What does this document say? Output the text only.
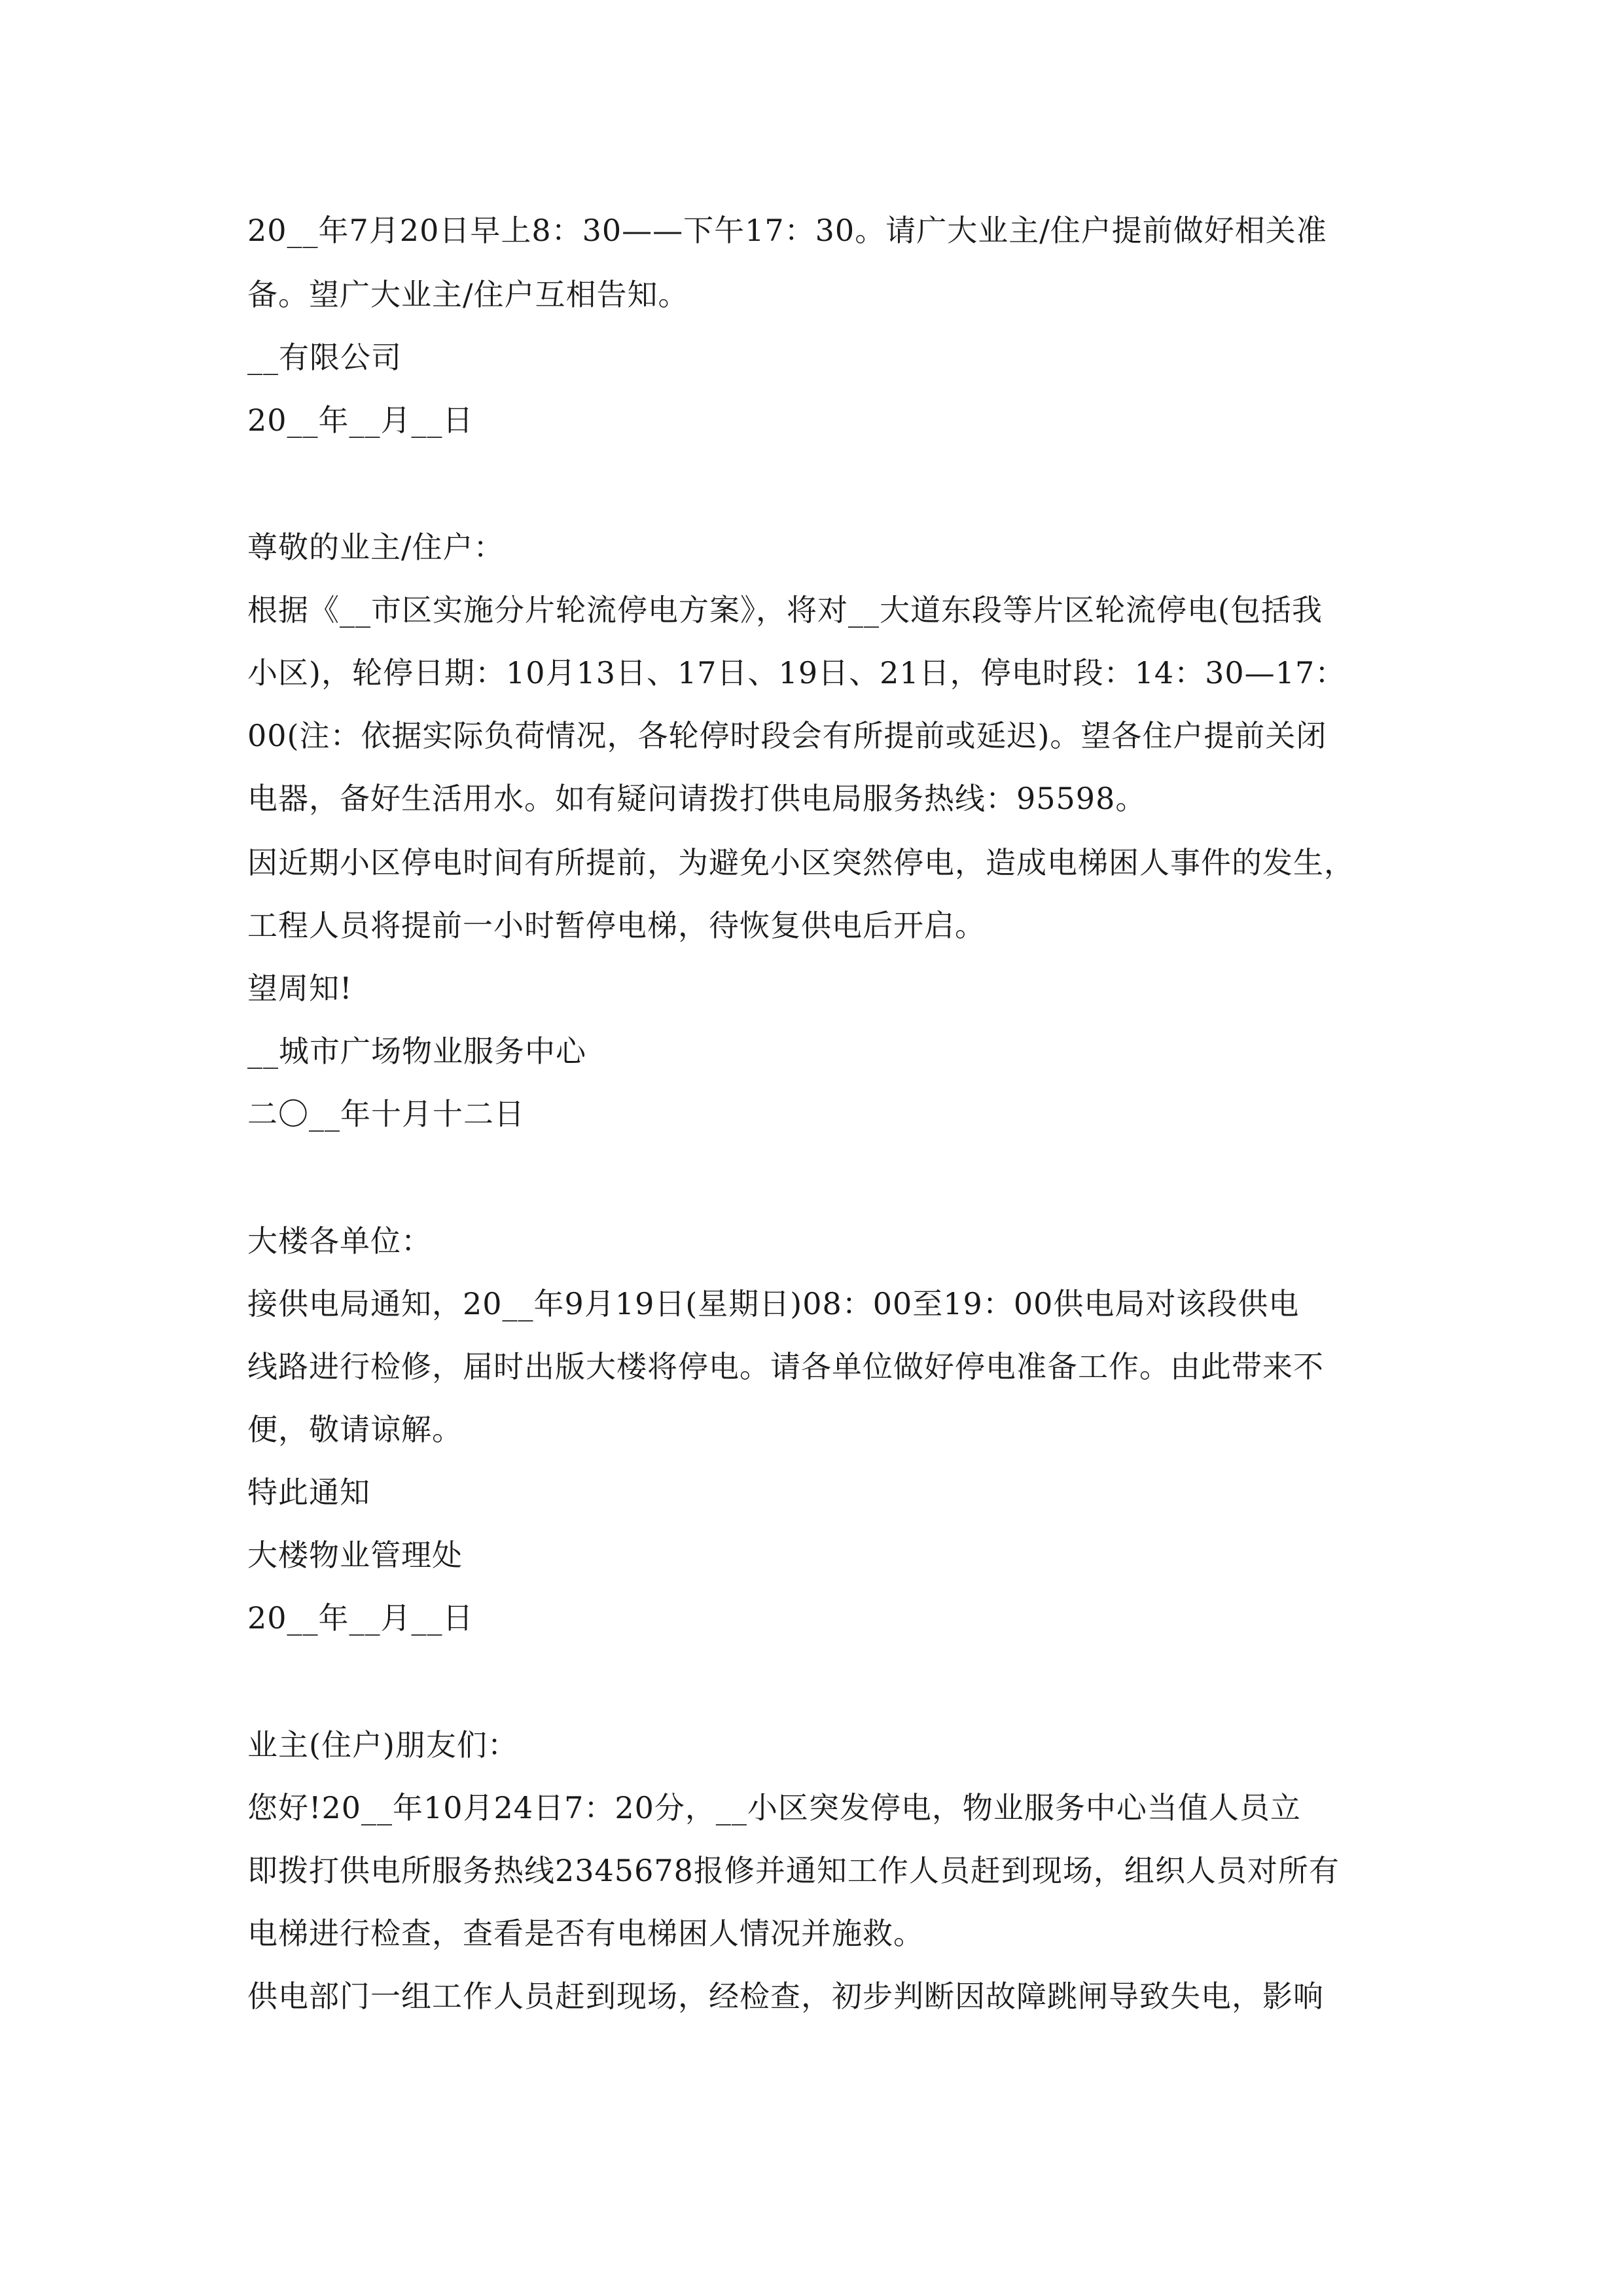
20__年7月20日早上8：30——下午17：30。请广大业主/住户提前做好相关准
备。望广大业主/住户互相告知。
__有限公司
20__年__月__日
尊敬的业主/住户：
根据《__市区实施分片轮流停电方案》，将对__大道东段等片区轮流停电(包括我
小区)，轮停日期：10月13日、17日、19日、21日，停电时段：14：30—17：
00(注：依据实际负荷情况，各轮停时段会有所提前或延迟)。望各住户提前关闭
电器，备好生活用水。如有疑问请拨打供电局服务热线：95598。
因近期小区停电时间有所提前，为避免小区突然停电，造成电梯困人事件的发生，
工程人员将提前一小时暂停电梯，待恢复供电后开启。
望周知!
__城市广场物业服务中心
二〇__年十月十二日
大楼各单位：
接供电局通知，20__年9月19日(星期日)08：00至19：00供电局对该段供电
线路进行检修，届时出版大楼将停电。请各单位做好停电准备工作。由此带来不
便，敬请谅解。
特此通知
大楼物业管理处
20__年__月__日
业主(住户)朋友们：
您好!20__年10月24日7：20分，__小区突发停电，物业服务中心当值人员立
即拨打供电所服务热线2345678报修并通知工作人员赶到现场，组织人员对所有
电梯进行检查，查看是否有电梯困人情况并施救。
供电部门一组工作人员赶到现场，经检查，初步判断因故障跳闸导致失电，影响
